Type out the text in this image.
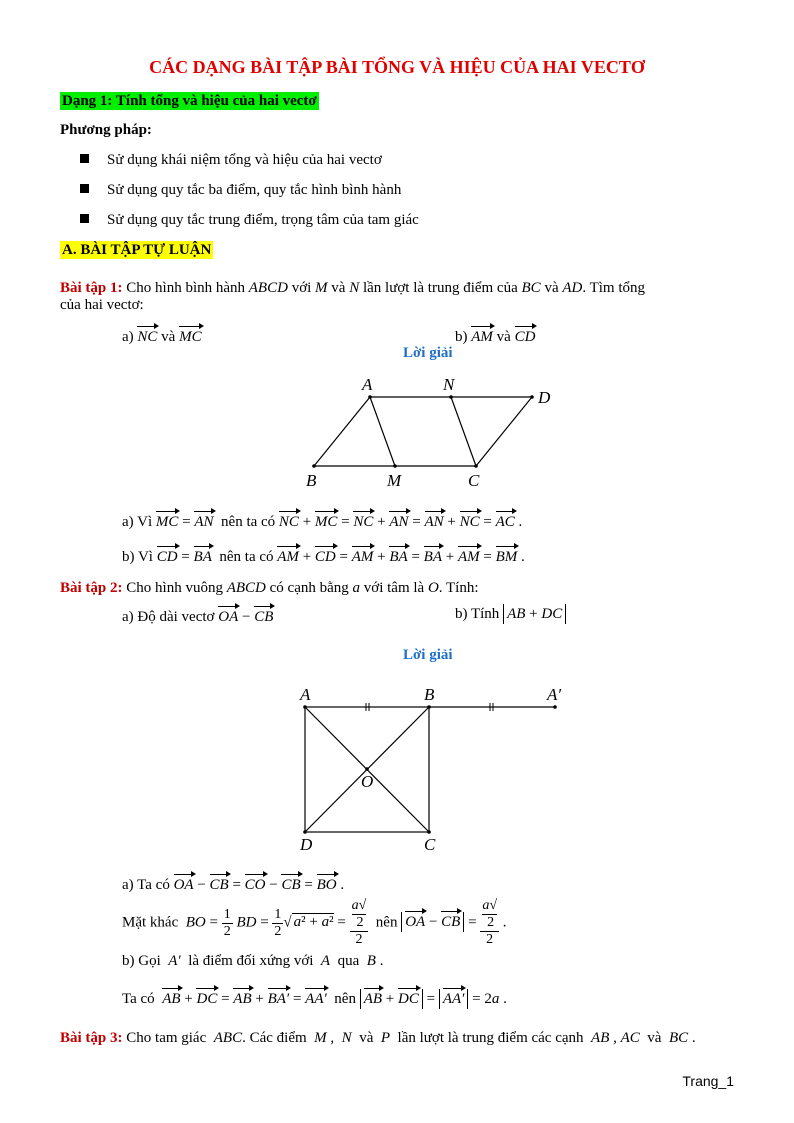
CÁC DẠNG BÀI TẬP BÀI TỔNG VÀ HIỆU CỦA HAI VECTƠ
Dạng 1: Tính tổng và hiệu của hai vectơ
Phương pháp:
Sử dụng khái niệm tổng và hiệu của hai vectơ
Sử dụng quy tắc ba điểm, quy tắc hình bình hành
Sử dụng quy tắc trung điểm, trọng tâm của tam giác
A. BÀI TẬP TỰ LUẬN
Bài tập 1: Cho hình bình hành ABCD với M và N lần lượt là trung điểm của BC và AD. Tìm tổng
của hai vectơ:
a) NC và MC	b) AM và CD
Lời giải
A	N
D
B	M	C
a) Vì MC = AN nên ta có NC + MC = NC + AN = AN + NC = AC .
b) Vì CD = BA nên ta có AM + CD = AM + BA = BA + AM = BM .
Bài tập 2: Cho hình vuông ABCD có cạnh bằng a với tâm là O. Tính:
a) Độ dài vectơ OA − CB	b) Tính AB + DC
Lời giải
A	B	A′
O
D	C
a) Ta có OA − CB = CO − CB = BO .
Mặt khác BO = $\frac{1}{2}$ BD = $\frac{1}{2}$ √ a² + a² = a√
2
2 nên OA − CB = a√
2
2 .
b) Gọi A′ là điểm đối xứng với A qua B .
Ta có AB + DC = AB + BA′ = AA′ nên AB + DC = AA′ = 2a .
Bài tập 3: Cho tam giác ABC. Các điểm M ,  N và P lần lượt là trung điểm các cạnh AB , AC và BC .
Trang_1
